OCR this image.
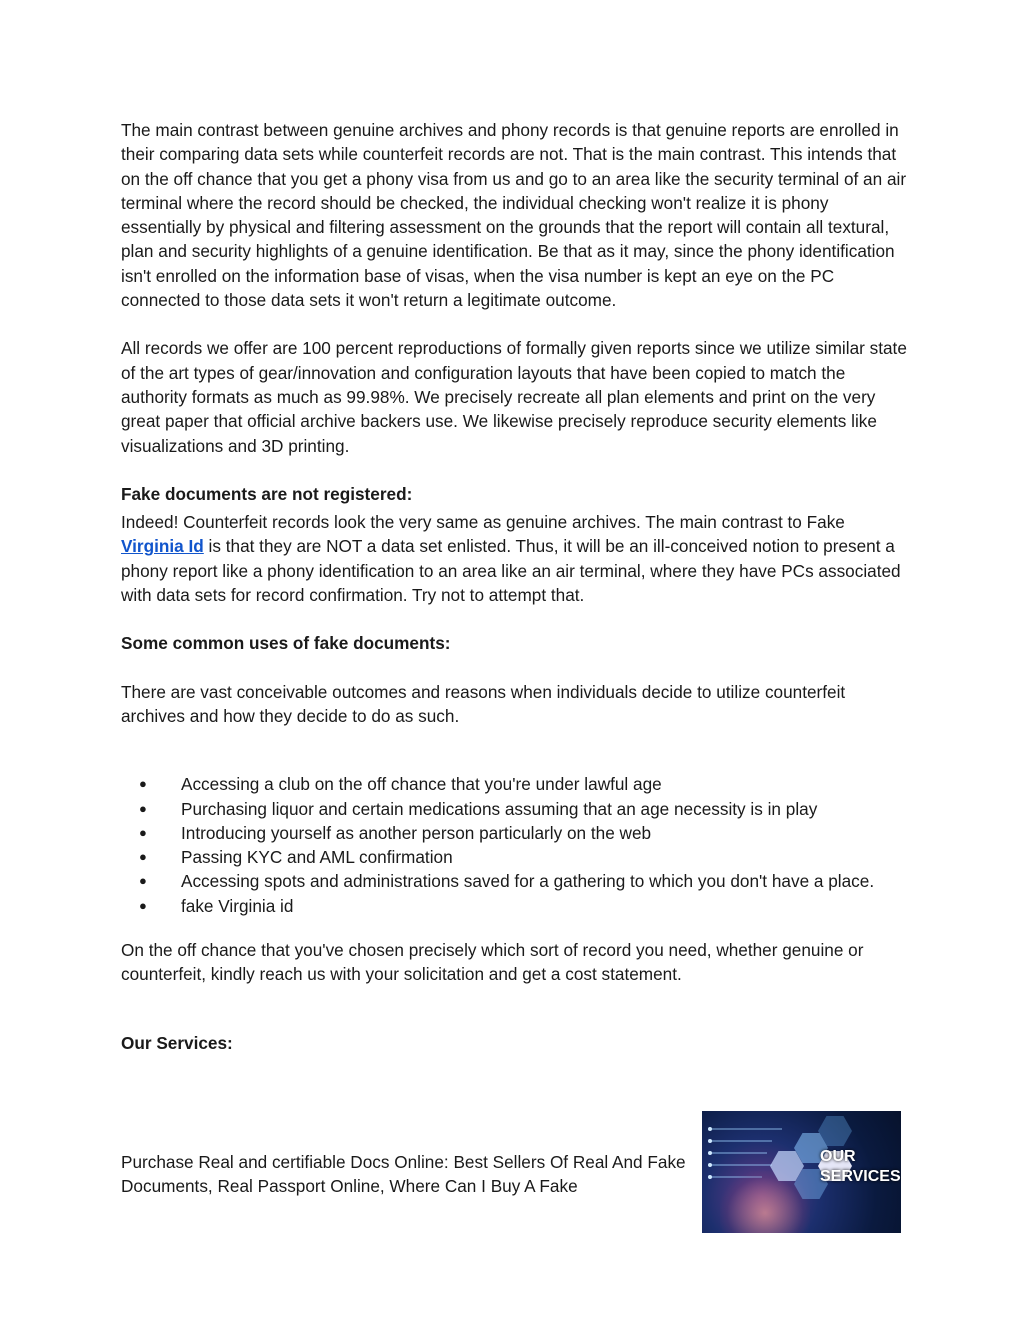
The main contrast between genuine archives and phony records is that genuine reports are enrolled in their comparing data sets while counterfeit records are not. That is the main contrast. This intends that on the off chance that you get a phony visa from us and go to an area like the security terminal of an air terminal where the record should be checked, the individual checking won't realize it is phony essentially by physical and filtering assessment on the grounds that the report will contain all textural, plan and security highlights of a genuine identification. Be that as it may, since the phony identification isn't enrolled on the information base of visas, when the visa number is kept an eye on the PC connected to those data sets it won't return a legitimate outcome.

All records we offer are 100 percent reproductions of formally given reports since we utilize similar state of the art types of gear/innovation and configuration layouts that have been copied to match the authority formats as much as 99.98%. We precisely recreate all plan elements and print on the very great paper that official archive backers use. We likewise precisely reproduce security elements like visualizations and 3D printing.

Fake documents are not registered:

Indeed! Counterfeit records look the very same as genuine archives. The main contrast to Fake Virginia Id is that they are NOT a data set enlisted. Thus, it will be an ill-conceived notion to present a phony report like a phony identification to an area like an air terminal, where they have PCs associated with data sets for record confirmation. Try not to attempt that.

Some common uses of fake documents:

There are vast conceivable outcomes and reasons when individuals decide to utilize counterfeit archives and how they decide to do as such.

● Accessing a club on the off chance that you're under lawful age
● Purchasing liquor and certain medications assuming that an age necessity is in play
● Introducing yourself as another person particularly on the web
● Passing KYC and AML confirmation
● Accessing spots and administrations saved for a gathering to which you don't have a place.
● fake Virginia id

On the off chance that you've chosen precisely which sort of record you need, whether genuine or counterfeit, kindly reach us with your solicitation and get a cost statement.

Our Services:

Purchase Real and certifiable Docs Online: Best Sellers Of Real And Fake Documents, Real Passport Online, Where Can I Buy A Fake

OUR
SERVICES
